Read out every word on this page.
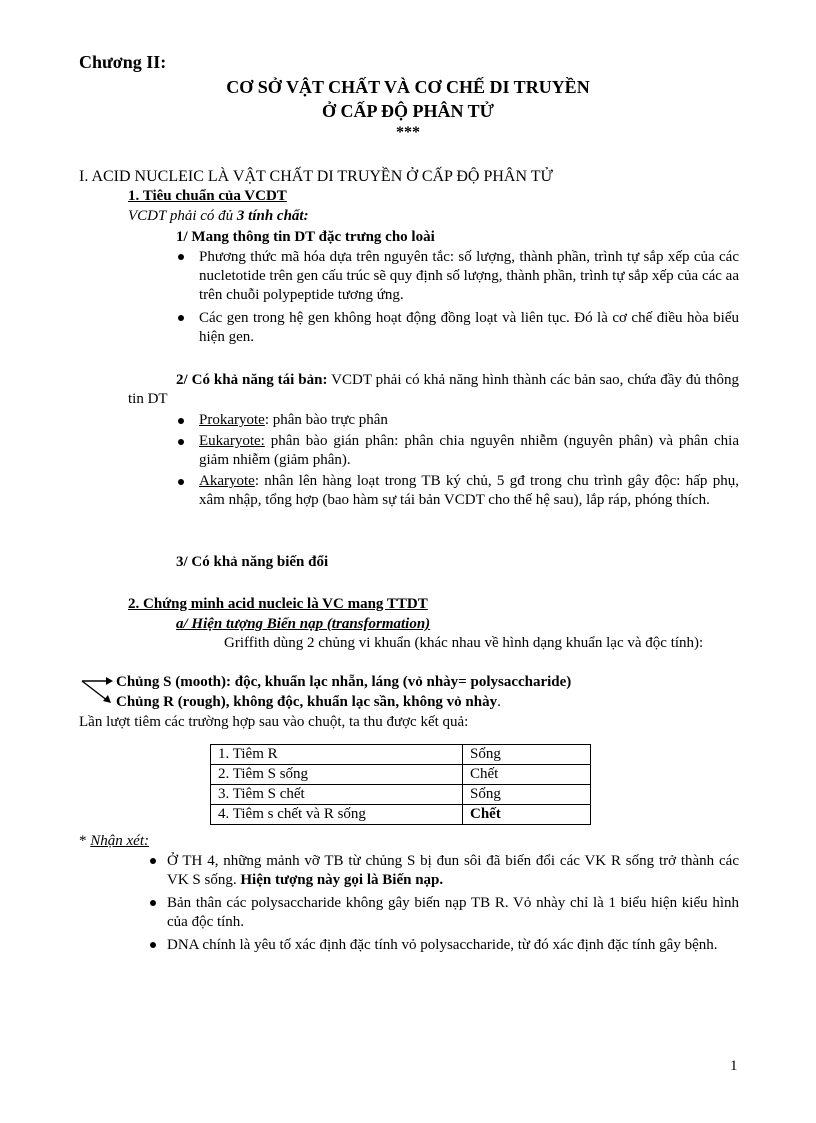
Chương II:
CƠ SỞ VẬT CHẤT VÀ CƠ CHẾ DI TRUYỀN
Ở CẤP ĐỘ PHÂN TỬ
***
I. ACID NUCLEIC LÀ VẬT CHẤT DI TRUYỀN Ở CẤP ĐỘ PHÂN TỬ
1. Tiêu chuẩn của VCDT
VCDT phải có đủ 3 tính chất:
1/ Mang thông tin DT đặc trưng cho loài
Phương thức mã hóa dựa trên nguyên tắc: số lượng, thành phần, trình tự sắp xếp của các nucletotide trên gen cấu trúc sẽ quy định số lượng, thành phần, trình tự sắp xếp của các aa trên chuỗi polypeptide tương ứng.
Các gen trong hệ gen không hoạt động đồng loạt và liên tục. Đó là cơ chế điều hòa biểu hiện gen.
2/ Có khả năng tái bản: VCDT phải có khả năng hình thành các bản sao, chứa đầy đủ thông tin DT
Prokaryote: phân bào trực phân
Eukaryote: phân bào gián phân: phân chia nguyên nhiễm (nguyên phân) và phân chia giảm nhiễm (giảm phân).
Akaryote: nhân lên hàng loạt trong TB ký chủ, 5 gđ trong chu trình gây độc: hấp phụ, xâm nhập, tổng hợp (bao hàm sự tái bản VCDT cho thế hệ sau), lắp ráp, phóng thích.
3/ Có khả năng biến đổi
2. Chứng minh acid nucleic là VC mang TTDT
a/ Hiện tượng Biến nạp (transformation)
Griffith dùng 2 chủng vi khuẩn (khác nhau về hình dạng khuẩn lạc và độc tính):
Chủng S (mooth): độc, khuẩn lạc nhẵn, láng (vỏ nhày= polysaccharide)
Chủng R (rough), không độc, khuẩn lạc sần, không vỏ nhày.
Lần lượt tiêm các trường hợp sau vào chuột, ta thu được kết quả:
1. Tiêm R	Sống
2. Tiêm S sống	Chết
3. Tiêm S chết	Sống
4. Tiêm s chết và R sống	Chết
* Nhận xét:
Ở TH 4, những mảnh vỡ TB từ chủng S bị đun sôi đã biến đổi các VK R sống trở thành các VK S sống. Hiện tượng này gọi là Biến nạp.
Bản thân các polysaccharide không gây biến nạp TB R. Vỏ nhày chỉ là 1 biểu hiện kiểu hình của độc tính.
DNA chính là yêu tố xác định đặc tính vỏ polysaccharide, từ đó xác định đặc tính gây bệnh.
1
